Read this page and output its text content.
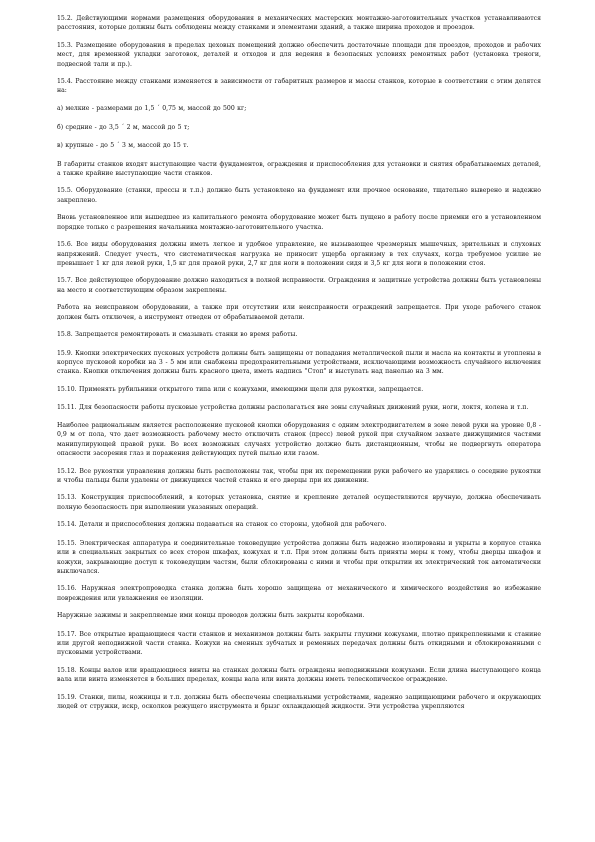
15.2. Действующими нормами размещения оборудования в механических мастерских монтажно-заготовительных участков устанавливаются расстояния, которые должны быть соблюдены между станками и элементами зданий, а также ширина проходов и проездов.

15.3. Размещение оборудования в пределах цеховых помещений должно обеспечить достаточные площади для проездов, проходов и рабочих мест, для временной укладки заготовок, деталей и отходов и для ведения в безопасных условиях ремонтных работ (установка треноги, подвесной тали и пр.).

15.4. Расстояние между станками изменяется в зависимости от габаритных размеров и массы станков, которые в соответствии с этим делятся на:

а) мелкие - размерами до 1,5 ´ 0,75 м, массой до 500 кг;

б) средние - до 3,5 ´ 2 м, массой до 5 т;

в) крупные - до 5 ´ 3 м, массой до 15 т.

В габариты станков входят выступающие части фундаментов, ограждения и приспособления для установки и снятия обрабатываемых деталей, а также крайние выступающие части станков.

15.5. Оборудование (станки, прессы и т.п.) должно быть установлено на фундамент или прочное основание, тщательно выверено и надежно закреплено.

Вновь установленное или вышедшее из капитального ремонта оборудование может быть пущено в работу после приемки его в установленном порядке только с разрешения начальника монтажно-заготовительного участка.

15.6. Все виды оборудования должны иметь легкое и удобное управление, не вызывающее чрезмерных мышечных, зрительных и слуховых напряжений. Следует учесть, что систематическая нагрузка не приносит ущерба организму в тех случаях, когда требуемое усилие не превышает 1 кг для левой руки, 1,5 кг для правой руки, 2,7 кг для ноги в положении сидя и 3,5 кг для ноги в положении стоя.

15.7. Все действующее оборудование должно находиться в полной исправности. Ограждения и защитные устройства должны быть установлены на место и соответствующим образом закреплены.

Работа на неисправном оборудовании, а также при отсутствии или неисправности ограждений запрещается. При уходе рабочего станок должен быть отключен, а инструмент отведен от обрабатываемой детали.

15.8. Запрещается ремонтировать и смазывать станки во время работы.

15.9. Кнопки электрических пусковых устройств должны быть защищены от попадания металлической пыли и масла на контакты и утоплены в корпусе пусковой коробки на 3 - 5 мм или снабжены предохранительными устройствами, исключающими возможность случайного включения станка. Кнопки отключения должны быть красного цвета, иметь надпись "Стоп" и выступать над панелью на 3 мм.

15.10. Применять рубильники открытого типа или с кожухами, имеющими щели для рукоятки, запрещается.

15.11. Для безопасности работы пусковые устройства должны располагаться вне зоны случайных движений руки, ноги, локтя, колена и т.п.

Наиболее рациональным является расположение пусковой кнопки оборудования с одним электродвигателем в зоне левой руки на уровне 0,8 - 0,9 м от пола, что дает возможность рабочему место отключить станок (пресс) левой рукой при случайном захвате движущимися частями манипулирующей правой руки. Во всех возможных случаях устройство должно быть дистанционным, чтобы не подвергнуть оператора опасности засорения глаз и поражения действующих путей пылью или газом.

15.12. Все рукоятки управления должны быть расположены так, чтобы при их перемещении руки рабочего не ударялись о соседние рукоятки и чтобы пальцы были удалены от движущихся частей станка и его дверцы при их движении.

15.13. Конструкция приспособлений, в которых установка, снятие и крепление деталей осуществляются вручную, должна обеспечивать полную безопасность при выполнении указанных операций.

15.14. Детали и приспособления должны подаваться на станок со стороны, удобной для рабочего.

15.15. Электрическая аппаратура и соединительные токоведущие устройства должны быть надежно изолированы и укрыты в корпусе станка или в специальных закрытых со всех сторон шкафах, кожухах и т.п. При этом должны быть приняты меры к тому, чтобы дверцы шкафов и кожухи, закрывающие доступ к токоведущим частям, были сблокированы с ними и чтобы при открытии их электрический ток автоматически выключался.

15.16. Наружная электропроводка станка должна быть хорошо защищена от механического и химического воздействия во избежание повреждения или увлажнения ее изоляции.

Наружные зажимы и закрепляемые ими концы проводов должны быть закрыты коробками.

15.17. Все открытые вращающиеся части станков и механизмов должны быть закрыты глухими кожухами, плотно прикрепленными к станине или другой неподвижной части станка. Кожухи на сменных зубчатых и ременных передачах должны быть откидными и сблокированными с пусковыми устройствами.

15.18. Концы валов или вращающиеся винты на станках должны быть ограждены неподвижными кожухами. Если длина выступающего конца вала или винта изменяется в больших пределах, концы вала или винта должны иметь телескопическое ограждение.

15.19. Станки, пилы, ножницы и т.п. должны быть обеспечены специальными устройствами, надежно защищающими рабочего и окружающих людей от стружки, искр, осколков режущего инструмента и брызг охлаждающей жидкости. Эти устройства укрепляются
